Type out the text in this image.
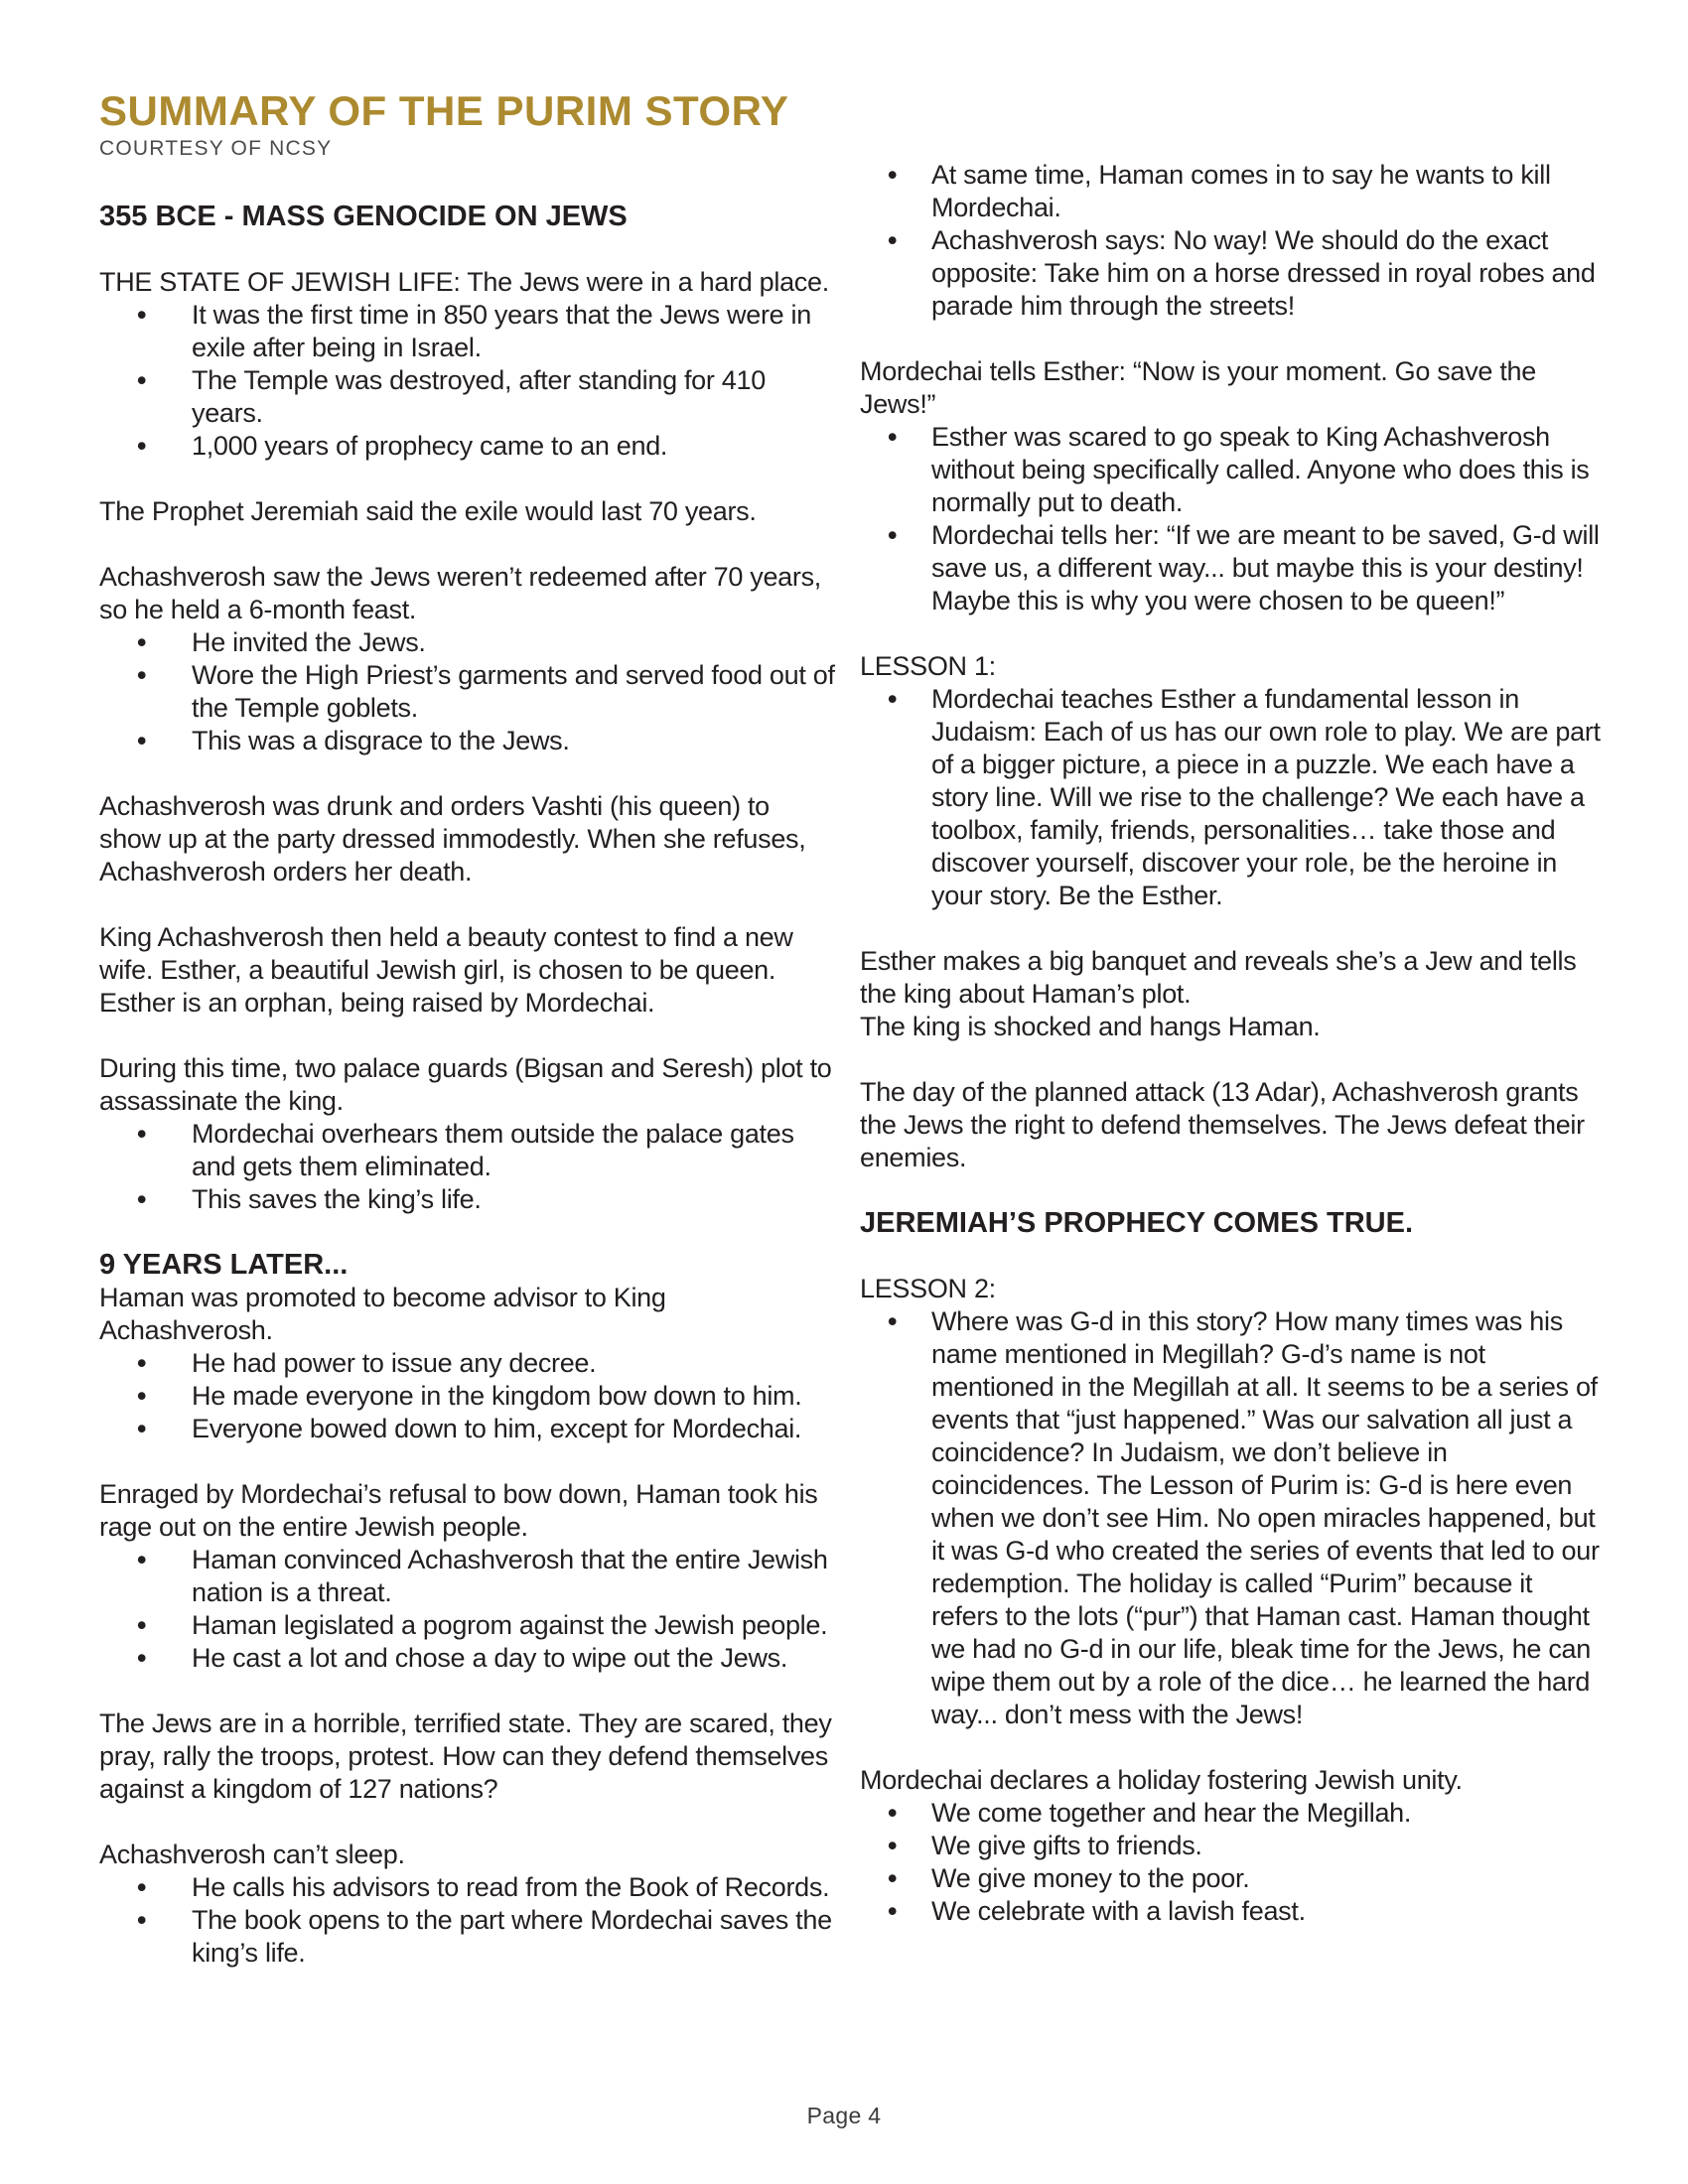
SUMMARY OF THE PURIM STORY
COURTESY OF NCSY
355 BCE - MASS GENOCIDE ON JEWS

THE STATE OF JEWISH LIFE: The Jews were in a hard place.

• It was the first time in 850 years that the Jews were in exile after being in Israel.
• The Temple was destroyed, after standing for 410 years.
• 1,000 years of prophecy came to an end.

The Prophet Jeremiah said the exile would last 70 years.

Achashverosh saw the Jews weren’t redeemed after 70 years, so he held a 6-month feast.

• He invited the Jews.
• Wore the High Priest’s garments and served food out of the Temple goblets.
• This was a disgrace to the Jews.

Achashverosh was drunk and orders Vashti (his queen) to show up at the party dressed immodestly. When she refuses, Achashverosh orders her death.

King Achashverosh then held a beauty contest to find a new wife. Esther, a beautiful Jewish girl, is chosen to be queen. Esther is an orphan, being raised by Mordechai.

During this time, two palace guards (Bigsan and Seresh) plot to assassinate the king.

• Mordechai overhears them outside the palace gates and gets them eliminated.
• This saves the king’s life.
9 YEARS LATER...

Haman was promoted to become advisor to King Achashverosh.

• He had power to issue any decree.
• He made everyone in the kingdom bow down to him.
• Everyone bowed down to him, except for Mordechai.

Enraged by Mordechai’s refusal to bow down, Haman took his rage out on the entire Jewish people.

• Haman convinced Achashverosh that the entire Jewish nation is a threat.
• Haman legislated a pogrom against the Jewish people.
• He cast a lot and chose a day to wipe out the Jews.

The Jews are in a horrible, terrified state. They are scared, they pray, rally the troops, protest. How can they defend themselves against a kingdom of 127 nations?

Achashverosh can’t sleep.

• He calls his advisors to read from the Book of Records.
• The book opens to the part where Mordechai saves the king’s life.
• At same time, Haman comes in to say he wants to kill Mordechai.
• Achashverosh says: No way! We should do the exact opposite: Take him on a horse dressed in royal robes and parade him through the streets!

Mordechai tells Esther: “Now is your moment. Go save the Jews!”

• Esther was scared to go speak to King Achashverosh without being specifically called. Anyone who does this is normally put to death.
• Mordechai tells her: “If we are meant to be saved, G-d will save us, a different way... but maybe this is your destiny! Maybe this is why you were chosen to be queen!”

LESSON 1:

• Mordechai teaches Esther a fundamental lesson in Judaism: Each of us has our own role to play. We are part of a bigger picture, a piece in a puzzle. We each have a story line. Will we rise to the challenge? We each have a toolbox, family, friends, personalities… take those and discover yourself, discover your role, be the heroine in your story. Be the Esther.

Esther makes a big banquet and reveals she’s a Jew and tells the king about Haman’s plot.

The king is shocked and hangs Haman.

The day of the planned attack (13 Adar), Achashverosh grants the Jews the right to defend themselves. The Jews defeat their enemies.

JEREMIAH’S PROPHECY COMES TRUE.

LESSON 2:

• Where was G-d in this story? How many times was his name mentioned in Megillah? G-d’s name is not mentioned in the Megillah at all. It seems to be a series of events that “just happened.” Was our salvation all just a coincidence? In Judaism, we don’t believe in coincidences. The Lesson of Purim is: G-d is here even when we don’t see Him. No open miracles happened, but it was G-d who created the series of events that led to our redemption. The holiday is called “Purim” because it refers to the lots (“pur”) that Haman cast. Haman thought we had no G-d in our life, bleak time for the Jews, he can wipe them out by a role of the dice… he learned the hard way... don’t mess with the Jews!

Mordechai declares a holiday fostering Jewish unity.

• We come together and hear the Megillah.
• We give gifts to friends.
• We give money to the poor.
• We celebrate with a lavish feast.
Page 4
